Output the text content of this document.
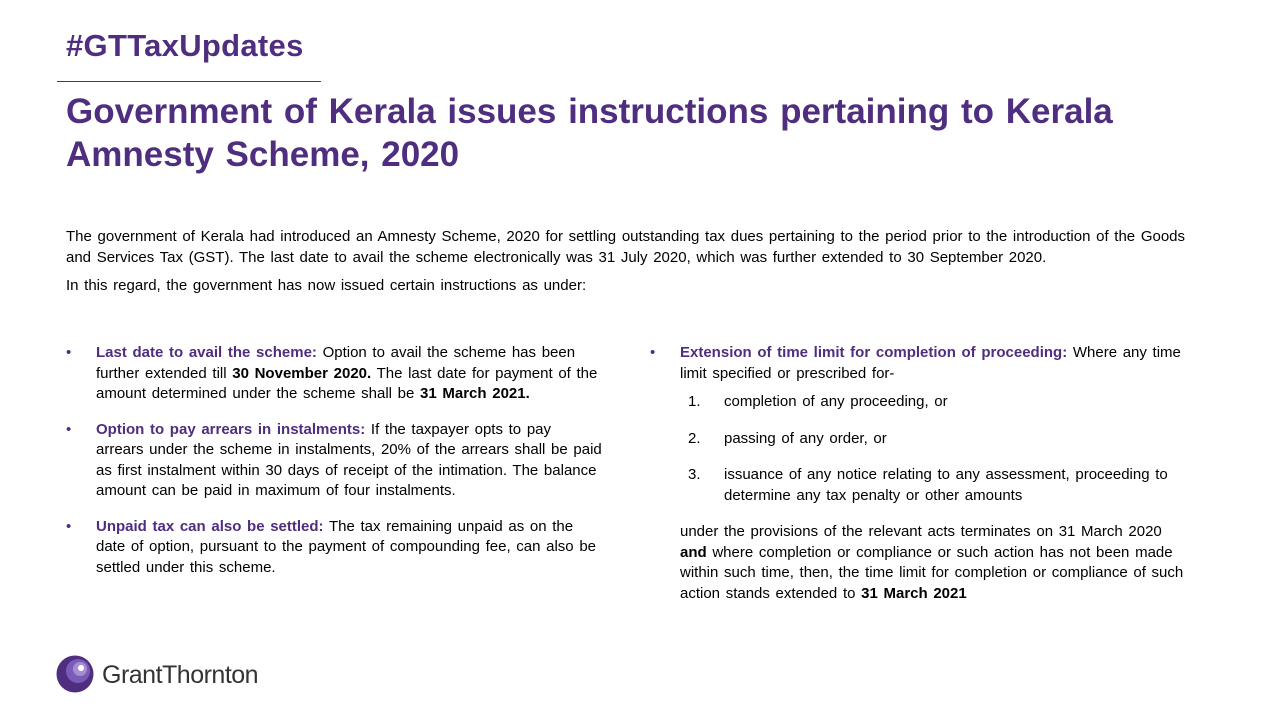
#GTTaxUpdates
Government of Kerala issues instructions pertaining to Kerala Amnesty Scheme, 2020

The government of Kerala had introduced an Amnesty Scheme, 2020 for settling outstanding tax dues pertaining to the period prior to the introduction of the Goods and Services Tax (GST). The last date to avail the scheme electronically was 31 July 2020, which was further extended to 30 September 2020.

In this regard, the government has now issued certain instructions as under:

• Last date to avail the scheme: Option to avail the scheme has been further extended till 30 November 2020. The last date for payment of the amount determined under the scheme shall be 31 March 2021.
• Option to pay arrears in instalments: If the taxpayer opts to pay arrears under the scheme in instalments, 20% of the arrears shall be paid as first instalment within 30 days of receipt of the intimation. The balance amount can be paid in maximum of four instalments.
• Unpaid tax can also be settled: The tax remaining unpaid as on the date of option, pursuant to the payment of compounding fee, can also be settled under this scheme.
• Extension of time limit for completion of proceeding: Where any time limit specified or prescribed for-
1. completion of any proceeding, or
2. passing of any order, or
3. issuance of any notice relating to any assessment, proceeding to determine any tax penalty or other amounts
under the provisions of the relevant acts terminates on 31 March 2020 and where completion or compliance or such action has not been made within such time, then, the time limit for completion or compliance of such action stands extended to 31 March 2021
GrantThornton
